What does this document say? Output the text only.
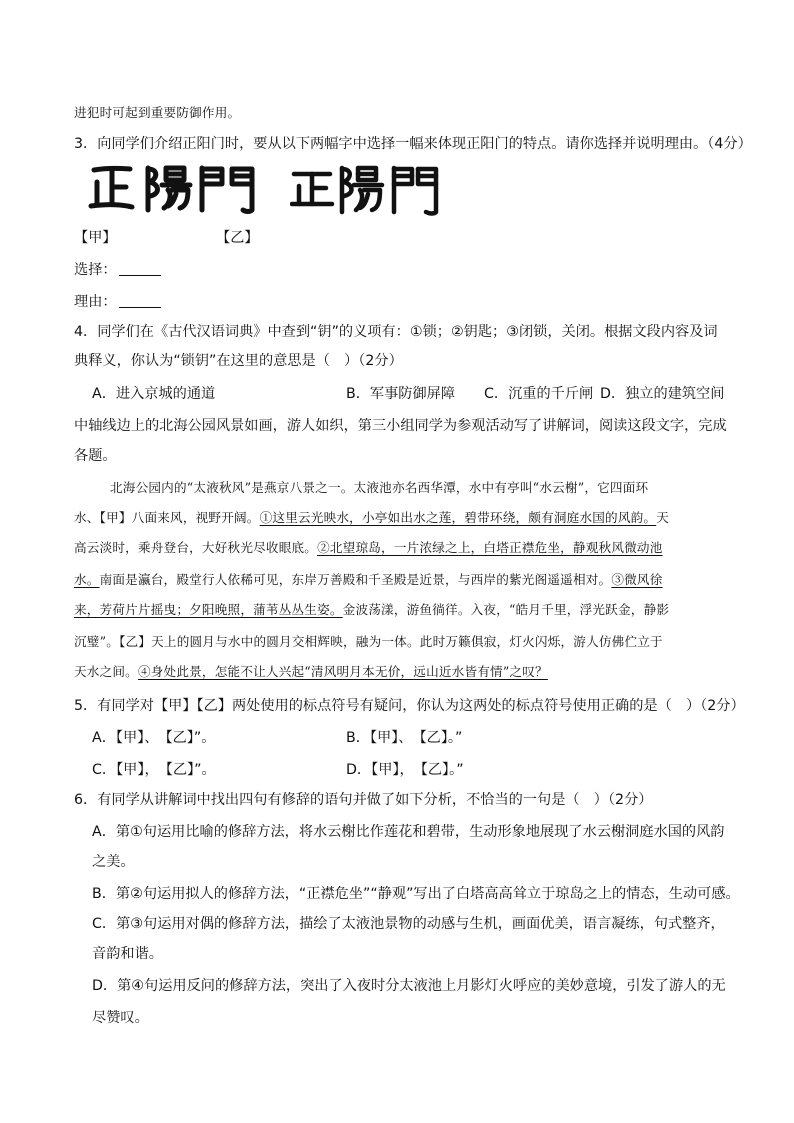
进犯时可起到重要防御作用。
3．向同学们介绍正阳门时，要从以下两幅字中选择一幅来体现正阳门的特点。请你选择并说明理由。（4分）
【甲】	【乙】
选择：
理由：
4．同学们在《古代汉语词典》中查到“钥”的义项有：①锁；②钥匙；③闭锁，关闭。根据文段内容及词
典释义，你认为“锁钥”在这里的意思是（　）（2分）
A．进入京城的通道	B．军事防御屏障 C．沉重的千斤闸 D．独立的建筑空间
中轴线边上的北海公园风景如画，游人如织，第三小组同学为参观活动写了讲解词，阅读这段文字，完成
各题。
北海公园内的“太液秋风”是燕京八景之一。太液池亦名西华潭，水中有亭叫“水云榭”，它四面环
水、【甲】八面来风，视野开阔。①这里云光映水，小亭如出水之莲，碧带环绕，颇有洞庭水国的风韵。天
高云淡时，乘舟登台，大好秋光尽收眼底。②北望琼岛，一片浓绿之上，白塔正襟危坐，静观秋风微动池
水。南面是瀛台，殿堂行人依稀可见，东岸万善殿和千圣殿是近景，与西岸的紫光阁遥遥相对。③微风徐
来，芳荷片片摇曳；夕阳晚照，蒲苇丛丛生姿。金波荡漾，游鱼徜徉。入夜，“皓月千里，浮光跃金，静影
沉璧”。【乙】天上的圆月与水中的圆月交相辉映，融为一体。此时万籁俱寂，灯火闪烁，游人仿佛伫立于
天水之间。④身处此景，怎能不让人兴起“清风明月本无价，远山近水皆有情”之叹？
5．有同学对【甲】【乙】两处使用的标点符号有疑问，你认为这两处的标点符号使用正确的是（　）（2分）
A．【甲】、　【乙】”。	B．【甲】、　【乙】。”
C．【甲】，　【乙】”。	D．【甲】，　【乙】。”
6．有同学从讲解词中找出四句有修辞的语句并做了如下分析，不恰当的一句是（　）（2分）
A．第①句运用比喻的修辞方法，将水云榭比作莲花和碧带，生动形象地展现了水云榭洞庭水国的风韵
之美。
B．第②句运用拟人的修辞方法，“正襟危坐”“静观”写出了白塔高高耸立于琼岛之上的情态，生动可感。
C．第③句运用对偶的修辞方法，描绘了太液池景物的动感与生机，画面优美，语言凝练，句式整齐，
音韵和谐。
D．第④句运用反问的修辞方法，突出了入夜时分太液池上月影灯火呼应的美妙意境，引发了游人的无
尽赞叹。
